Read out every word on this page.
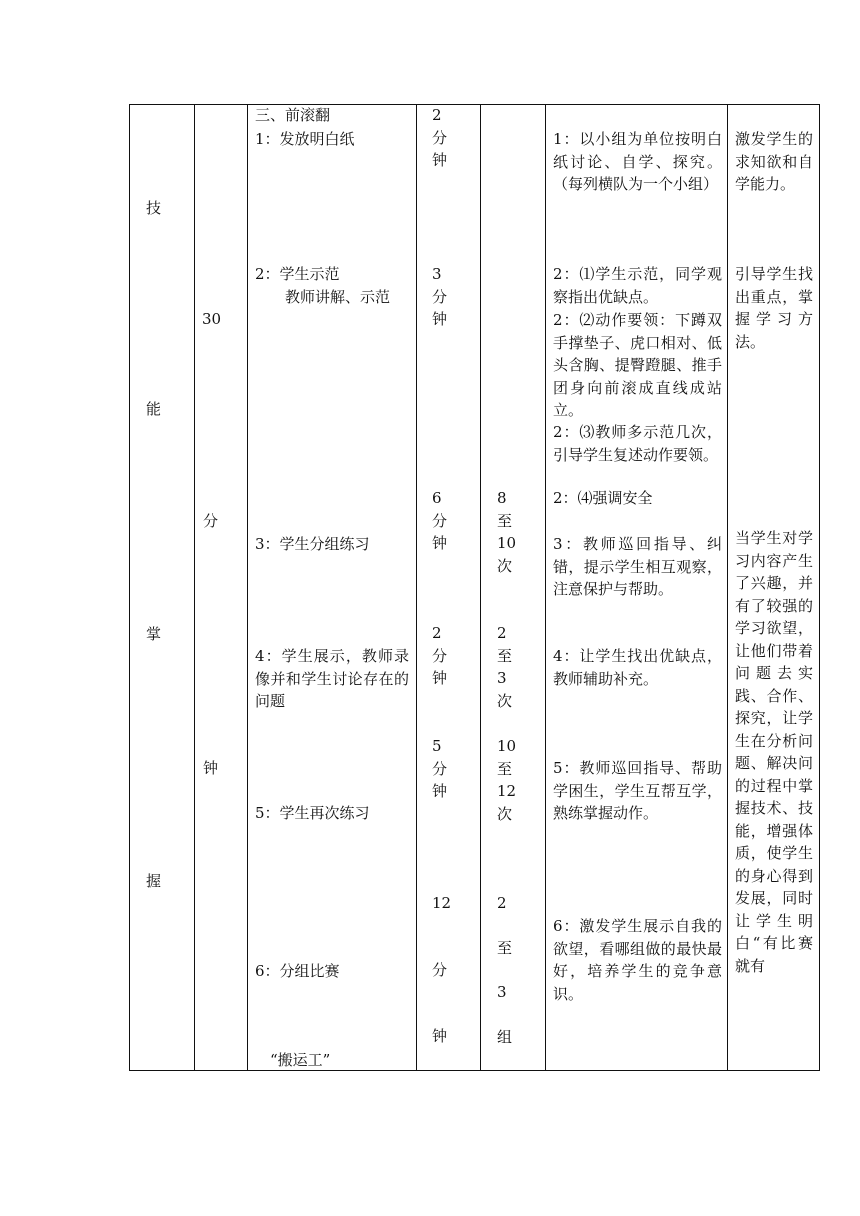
技
能
掌
握
30
分
钟
三、前滚翻
1：发放明白纸
2：学生示范
教师讲解、示范
3：学生分组练习
4：学生展示，教师录像并和学生讨论存在的问题
5：学生再次练习
6：分组比赛
“搬运工”
2
分
钟
3
分
钟
6
分
钟
2
分
钟
5
分
钟
12
分
钟
8
至
10
次
2
至
3
次
10
至
12
次
2
至
3
组
1：以小组为单位按明白纸讨论、自学、探究。（每列横队为一个小组）
2：⑴学生示范，同学观察指出优缺点。
2：⑵动作要领：下蹲双手撑垫子、虎口相对、低头含胸、提臀蹬腿、推手团身向前滚成直线成站立。
2：⑶教师多示范几次，引导学生复述动作要领。
2：⑷强调安全
3：教师巡回指导、纠错，提示学生相互观察，注意保护与帮助。
4：让学生找出优缺点，教师辅助补充。
5：教师巡回指导、帮助学困生，学生互帮互学，熟练掌握动作。
6：激发学生展示自我的欲望，看哪组做的最快最好，培养学生的竞争意识。
激发学生的求知欲和自学能力。
引导学生找出重点，掌握学习方法。
当学生对学习内容产生了兴趣，并有了较强的学习欲望，让他们带着问题去实践、合作、探究，让学生在分析问题、解决问的过程中掌握技术、技能，增强体质，使学生的身心得到发展，同时让学生明白“有比赛就有
